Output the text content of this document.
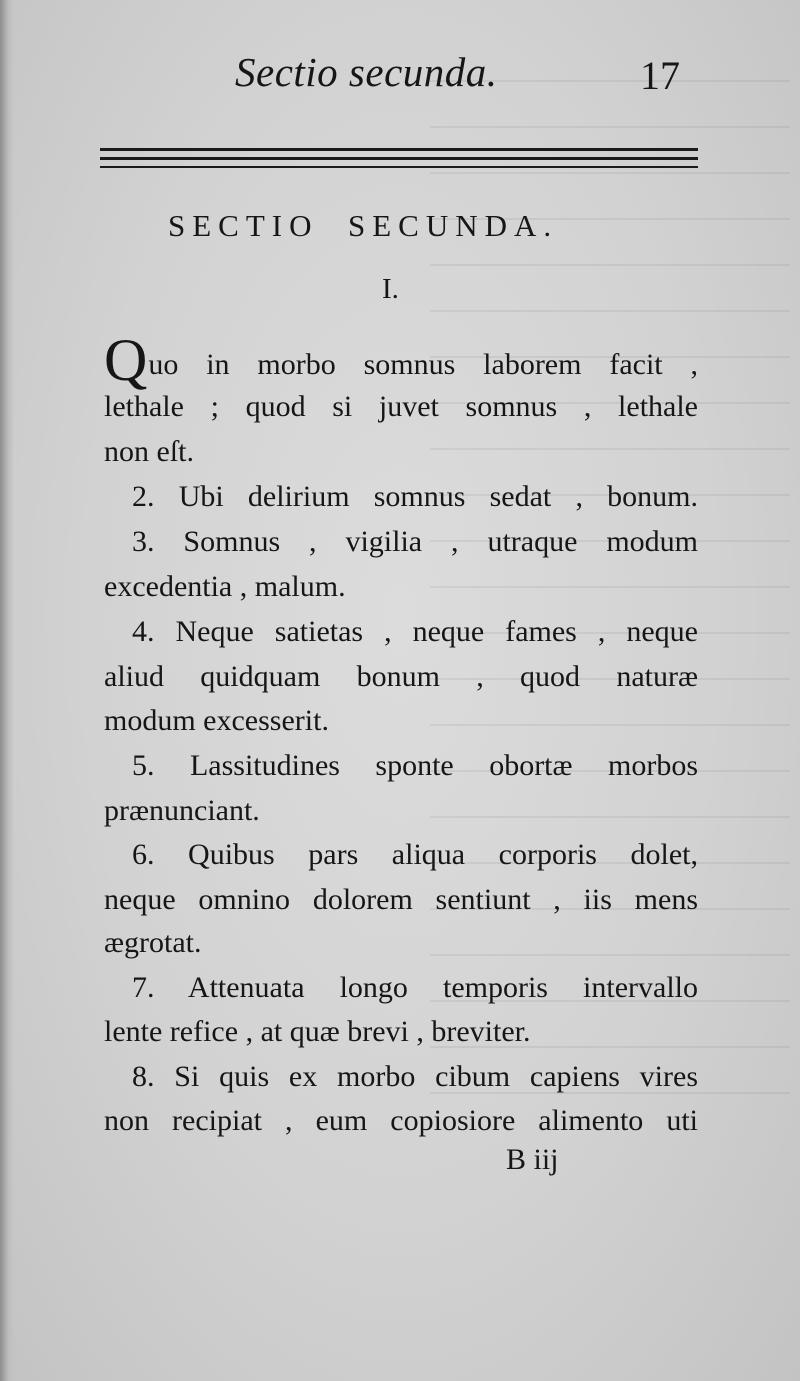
Sectio secunda.	17
SECTIO  SECUNDA.
I.
Quo in morbo somnus laborem facit ,
lethale ; quod si juvet somnus , lethale
non eſt.
2. Ubi delirium somnus sedat , bonum.
3. Somnus , vigilia , utraque modum
excedentia , malum.
4. Neque satietas , neque fames , neque
aliud quidquam bonum , quod naturæ
modum excesserit.
5. Lassitudines sponte obortæ morbos
prænunciant.
6. Quibus pars aliqua corporis dolet,
neque omnino dolorem sentiunt , iis mens
ægrotat.
7. Attenuata longo temporis intervallo
lente refice , at quæ brevi , breviter.
8. Si quis ex morbo cibum capiens vires
non recipiat , eum copiosiore alimento uti
B iij
